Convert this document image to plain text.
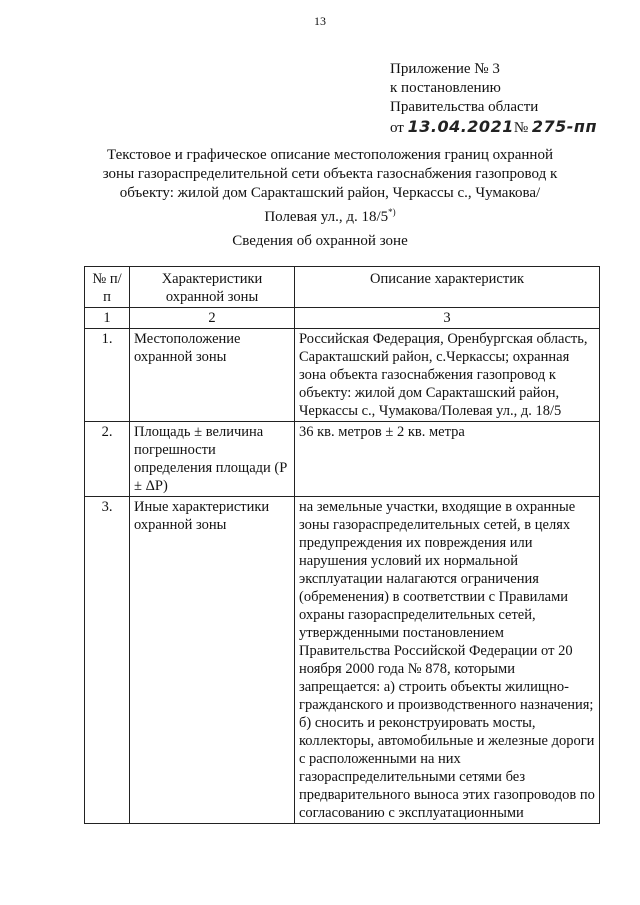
13
Приложение № 3
к постановлению
Правительства области
от 13.04.2021№ 275-пп
Текстовое и графическое описание местоположения границ охранной зоны газораспределительной сети объекта газоснабжения газопровод к объекту: жилой дом Саракташский район, Черкассы с., Чумакова/Полевая ул., д. 18/5*)
Сведения об охранной зоне
№ п/п	Характеристики охранной зоны	Описание характеристик
1	2	3
1.	Местоположение охранной зоны	Российская Федерация, Оренбургская область, Саракташский район, с.Черкассы; охранная зона объекта газоснабжения газопровод к объекту: жилой дом Саракташский район, Черкассы с., Чумакова/Полевая ул., д. 18/5
2.	Площадь ± величина погрешности определения площади (Р ± ΔР)	36 кв. метров ± 2 кв. метра
3.	Иные характеристики охранной зоны	на земельные участки, входящие в охранные зоны газораспределительных сетей, в целях предупреждения их повреждения или нарушения условий их нормальной эксплуатации налагаются ограничения (обременения) в соответствии с Правилами охраны газораспределительных сетей, утвержденными постановлением Правительства Российской Федерации от 20 ноября 2000 года № 878, которыми запрещается: а) строить объекты жилищно-гражданского и производственного назначения; б) сносить и реконструировать мосты, коллекторы, автомобильные и железные дороги с расположенными на них газораспределительными сетями без предварительного выноса этих газопроводов по согласованию с эксплуатационными
